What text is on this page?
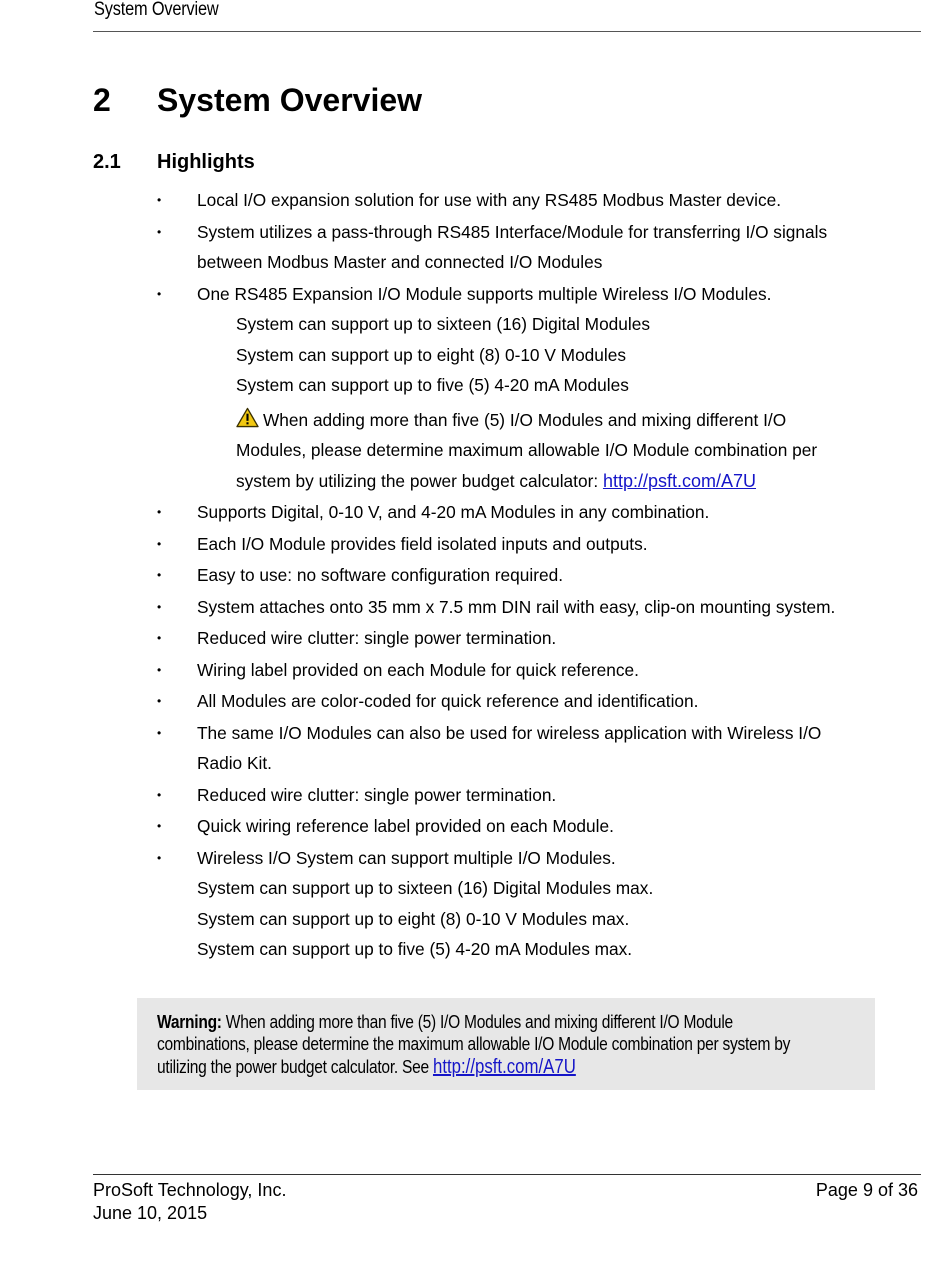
System Overview
2	System Overview
2.1	Highlights
• Local I/O expansion solution for use with any RS485 Modbus Master device.
• System utilizes a pass-through RS485 Interface/Module for transferring I/O signals between Modbus Master and connected I/O Modules
• One RS485 Expansion I/O Module supports multiple Wireless I/O Modules.
System can support up to sixteen (16) Digital Modules
System can support up to eight (8) 0-10 V Modules
System can support up to five (5) 4-20 mA Modules
When adding more than five (5) I/O Modules and mixing different I/O Modules, please determine maximum allowable I/O Module combination per system by utilizing the power budget calculator: http://psft.com/A7U
• Supports Digital, 0-10 V, and 4-20 mA Modules in any combination.
• Each I/O Module provides field isolated inputs and outputs.
• Easy to use: no software configuration required.
• System attaches onto 35 mm x 7.5 mm DIN rail with easy, clip-on mounting system.
• Reduced wire clutter: single power termination.
• Wiring label provided on each Module for quick reference.
• All Modules are color-coded for quick reference and identification.
• The same I/O Modules can also be used for wireless application with Wireless I/O Radio Kit.
• Reduced wire clutter: single power termination.
• Quick wiring reference label provided on each Module.
• Wireless I/O System can support multiple I/O Modules.
System can support up to sixteen (16) Digital Modules max.
System can support up to eight (8) 0-10 V Modules max.
System can support up to five (5) 4-20 mA Modules max.

Warning: When adding more than five (5) I/O Modules and mixing different I/O Module combinations, please determine the maximum allowable I/O Module combination per system by utilizing the power budget calculator. See http://psft.com/A7U

ProSoft Technology, Inc.
June 10, 2015
Page 9 of 36
